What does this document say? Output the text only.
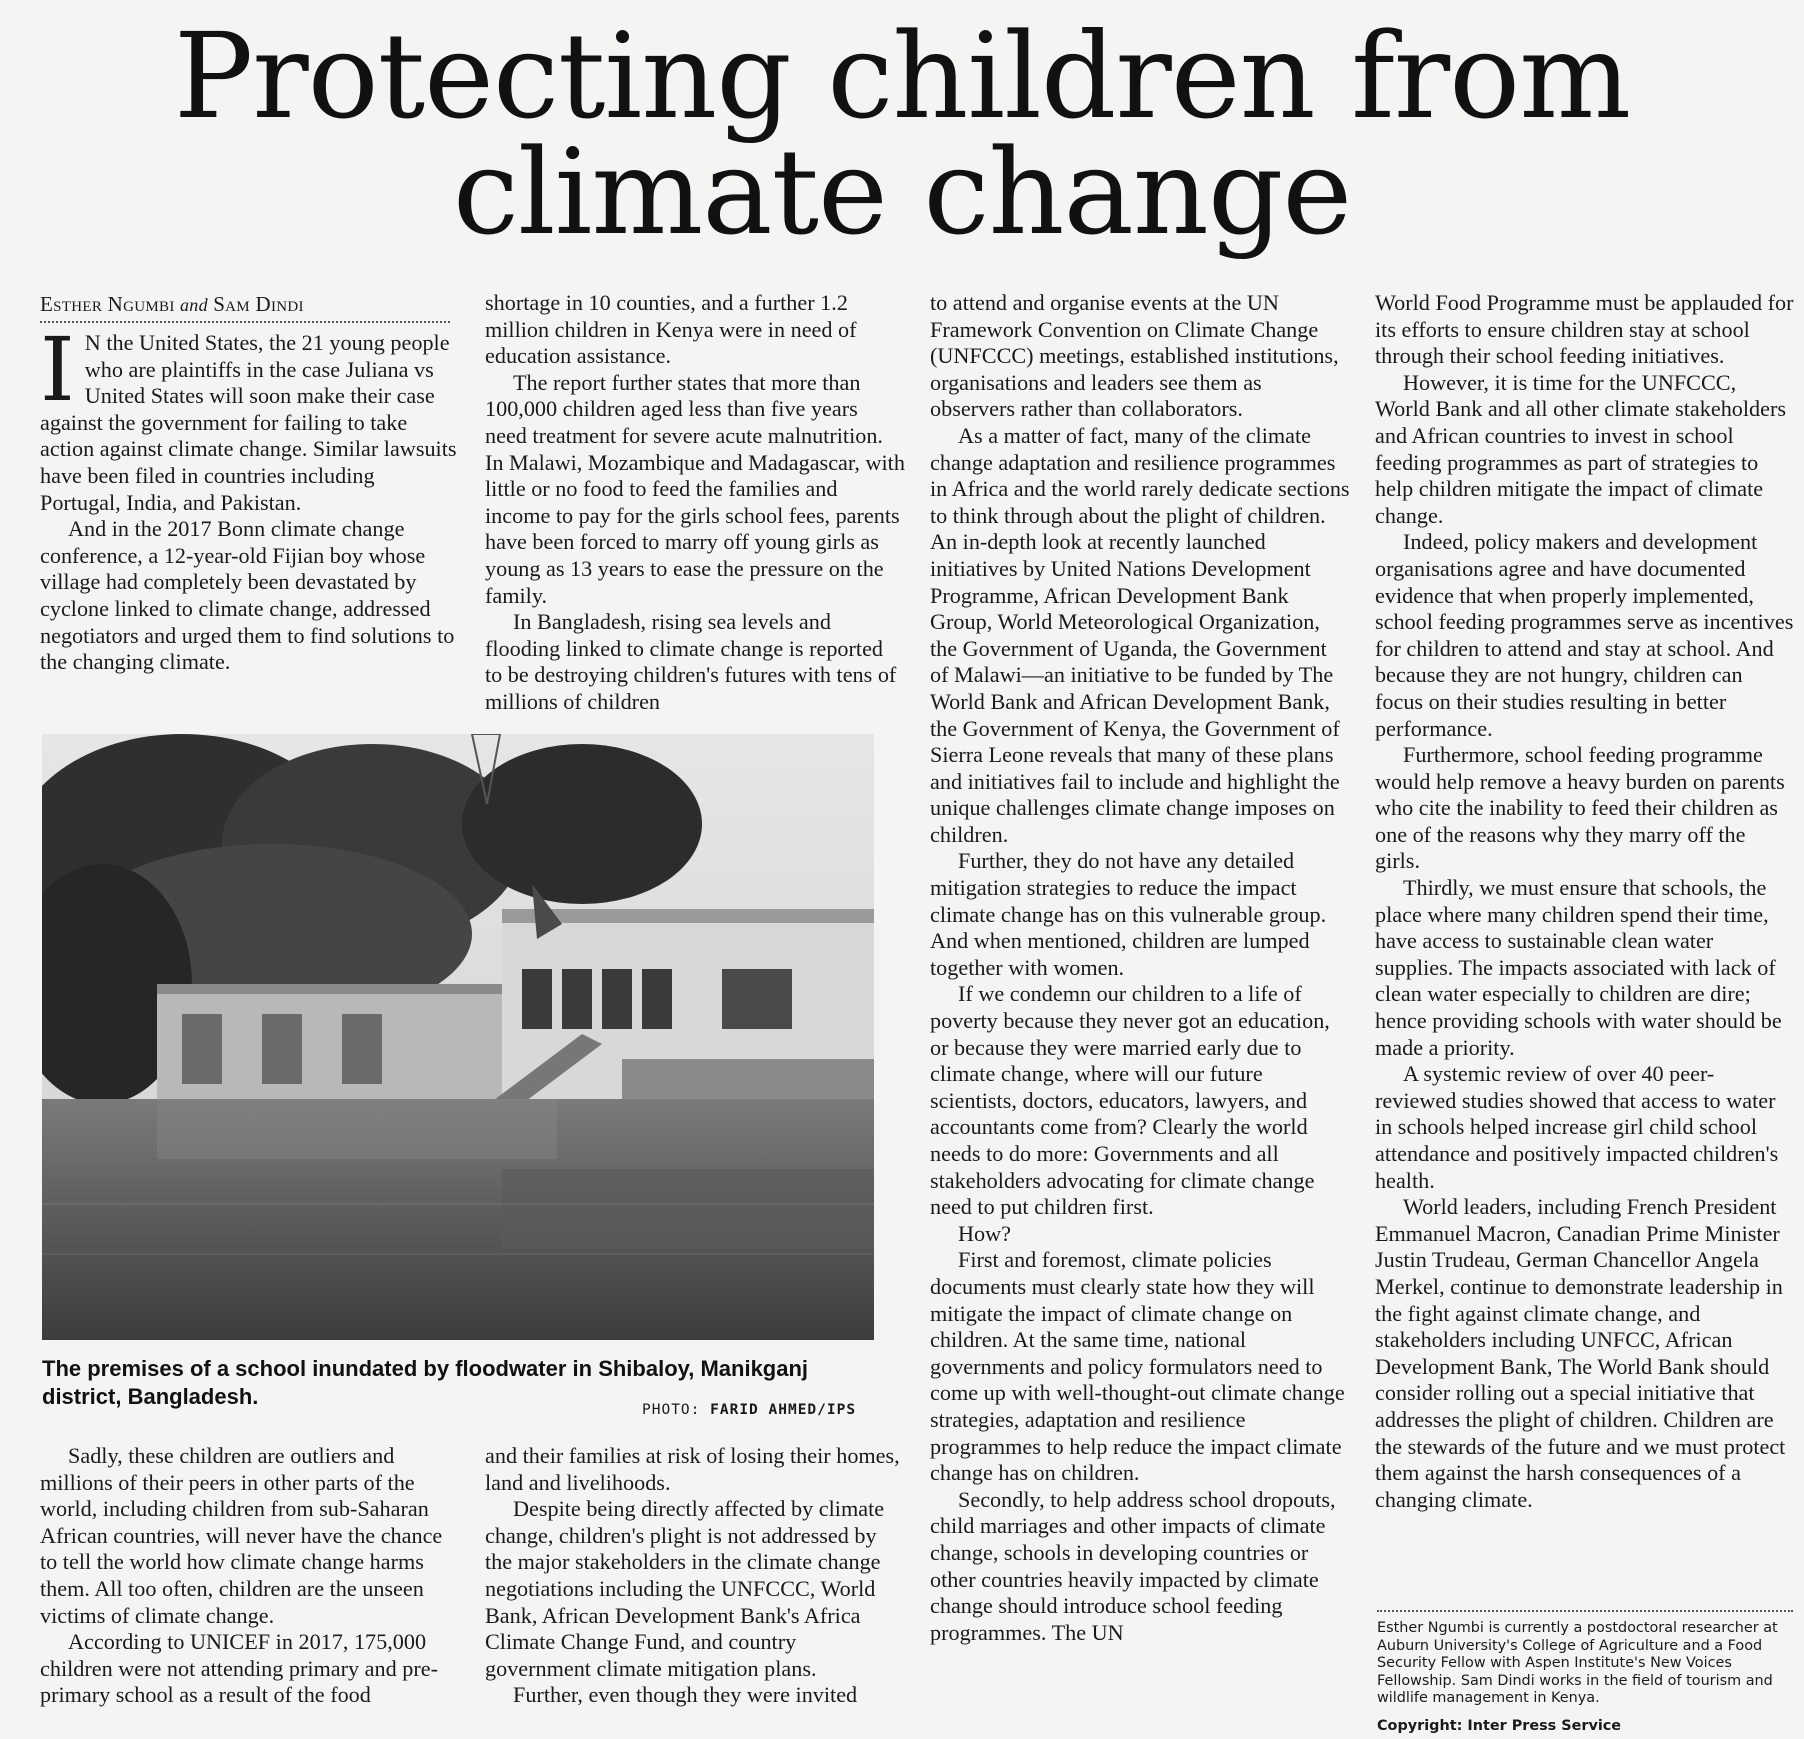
Protecting children from
climate change
Esther Ngumbi and Sam Dindi

I N the United States, the 21 young people who are plaintiffs in the case Juliana vs United States will soon make their case against the government for failing to take action against climate change. Similar lawsuits have been filed in countries including Portugal, India, and Pakistan.

And in the 2017 Bonn climate change conference, a 12-year-old Fijian boy whose village had completely been devastated by cyclone linked to climate change, addressed negotiators and urged them to find solutions to the changing climate.

shortage in 10 counties, and a further 1.2 million children in Kenya were in need of education assistance.

The report further states that more than 100,000 children aged less than five years need treatment for severe acute malnutrition. In Malawi, Mozambique and Madagascar, with little or no food to feed the families and income to pay for the girls school fees, parents have been forced to marry off young girls as young as 13 years to ease the pressure on the family.

In Bangladesh, rising sea levels and flooding linked to climate change is reported to be destroying children's futures with tens of millions of children

to attend and organise events at the UN Framework Convention on Climate Change (UNFCCC) meetings, established institutions, organisations and leaders see them as observers rather than collaborators.

As a matter of fact, many of the climate change adaptation and resilience programmes in Africa and the world rarely dedicate sections to think through about the plight of children. An in-depth look at recently launched initiatives by United Nations Development Programme, African Development Bank Group, World Meteorological Organization, the Government of Uganda, the Government of Malawi—an initiative to be funded by The World Bank and African Development Bank, the Government of Kenya, the Government of Sierra Leone reveals that many of these plans and initiatives fail to include and highlight the unique challenges climate change imposes on children.

Further, they do not have any detailed mitigation strategies to reduce the impact climate change has on this vulnerable group. And when mentioned, children are lumped together with women.

If we condemn our children to a life of poverty because they never got an education, or because they were married early due to climate change, where will our future scientists, doctors, educators, lawyers, and accountants come from? Clearly the world needs to do more: Governments and all stakeholders advocating for climate change need to put children first.

How?

First and foremost, climate policies documents must clearly state how they will mitigate the impact of climate change on children. At the same time, national governments and policy formulators need to come up with well-thought-out climate change strategies, adaptation and resilience programmes to help reduce the impact climate change has on children.

Secondly, to help address school dropouts, child marriages and other impacts of climate change, schools in developing countries or other countries heavily impacted by climate change should introduce school feeding programmes. The UN

World Food Programme must be applauded for its efforts to ensure children stay at school through their school feeding initiatives.

However, it is time for the UNFCCC, World Bank and all other climate stakeholders and African countries to invest in school feeding programmes as part of strategies to help children mitigate the impact of climate change.

Indeed, policy makers and development organisations agree and have documented evidence that when properly implemented, school feeding programmes serve as incentives for children to attend and stay at school. And because they are not hungry, children can focus on their studies resulting in better performance.

Furthermore, school feeding programme would help remove a heavy burden on parents who cite the inability to feed their children as one of the reasons why they marry off the girls.

Thirdly, we must ensure that schools, the place where many children spend their time, have access to sustainable clean water supplies. The impacts associated with lack of clean water especially to children are dire; hence providing schools with water should be made a priority.

A systemic review of over 40 peer-reviewed studies showed that access to water in schools helped increase girl child school attendance and positively impacted children's health.

World leaders, including French President Emmanuel Macron, Canadian Prime Minister Justin Trudeau, German Chancellor Angela Merkel, continue to demonstrate leadership in the fight against climate change, and stakeholders including UNFCC, African Development Bank, The World Bank should consider rolling out a special initiative that addresses the plight of children. Children are the stewards of the future and we must protect them against the harsh consequences of a changing climate.

The premises of a school inundated by floodwater in Shibaloy, Manikganj district, Bangladesh.
PHOTO: FARID AHMED/IPS

Sadly, these children are outliers and millions of their peers in other parts of the world, including children from sub-Saharan African countries, will never have the chance to tell the world how climate change harms them. All too often, children are the unseen victims of climate change.

According to UNICEF in 2017, 175,000 children were not attending primary and pre-primary school as a result of the food

and their families at risk of losing their homes, land and livelihoods.

Despite being directly affected by climate change, children's plight is not addressed by the major stakeholders in the climate change negotiations including the UNFCCC, World Bank, African Development Bank's Africa Climate Change Fund, and country government climate mitigation plans.

Further, even though they were invited

Esther Ngumbi is currently a postdoctoral researcher at Auburn University's College of Agriculture and a Food Security Fellow with Aspen Institute's New Voices Fellowship. Sam Dindi works in the field of tourism and wildlife management in Kenya.
Copyright: Inter Press Service
